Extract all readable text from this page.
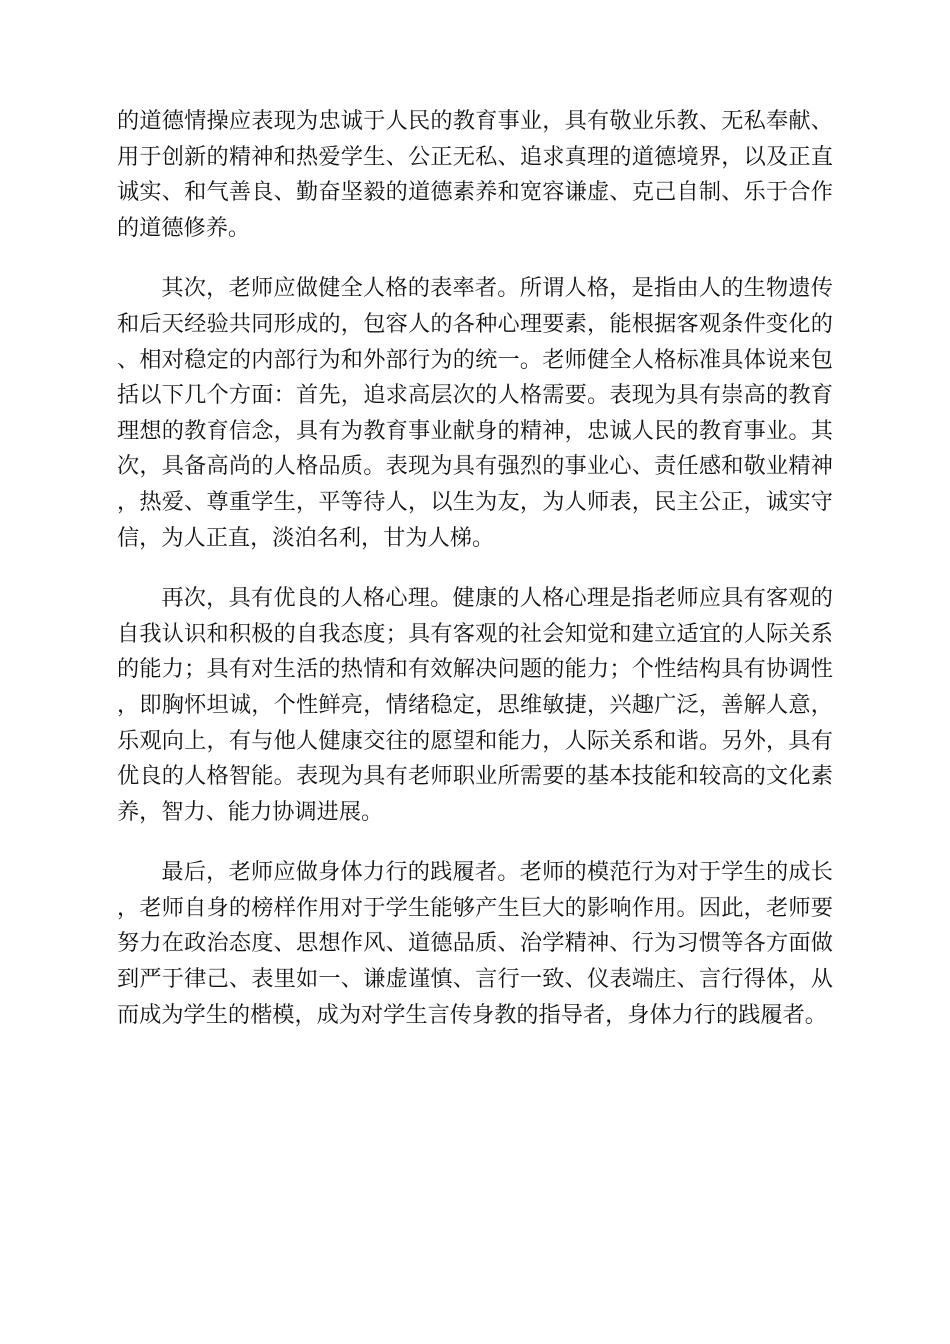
的道德情操应表现为忠诚于人民的教育事业，具有敬业乐教、无私奉献、用于创新的精神和热爱学生、公正无私、追求真理的道德境界，以及正直诚实、和气善良、勤奋坚毅的道德素养和宽容谦虚、克己自制、乐于合作的道德修养。

其次，老师应做健全人格的表率者。所谓人格，是指由人的生物遗传和后天经验共同形成的，包容人的各种心理要素，能根据客观条件变化的、相对稳定的内部行为和外部行为的统一。老师健全人格标准具体说来包括以下几个方面：首先，追求高层次的人格需要。表现为具有崇高的教育理想的教育信念，具有为教育事业献身的精神，忠诚人民的教育事业。其次，具备高尚的人格品质。表现为具有强烈的事业心、责任感和敬业精神，热爱、尊重学生，平等待人，以生为友，为人师表，民主公正，诚实守信，为人正直，淡泊名利，甘为人梯。

再次，具有优良的人格心理。健康的人格心理是指老师应具有客观的自我认识和积极的自我态度；具有客观的社会知觉和建立适宜的人际关系的能力；具有对生活的热情和有效解决问题的能力；个性结构具有协调性，即胸怀坦诚，个性鲜亮，情绪稳定，思维敏捷，兴趣广泛，善解人意，乐观向上，有与他人健康交往的愿望和能力，人际关系和谐。另外，具有优良的人格智能。表现为具有老师职业所需要的基本技能和较高的文化素养，智力、能力协调进展。

最后，老师应做身体力行的践履者。老师的模范行为对于学生的成长，老师自身的榜样作用对于学生能够产生巨大的影响作用。因此，老师要努力在政治态度、思想作风、道德品质、治学精神、行为习惯等各方面做到严于律己、表里如一、谦虚谨慎、言行一致、仪表端庄、言行得体，从而成为学生的楷模，成为对学生言传身教的指导者，身体力行的践履者。
